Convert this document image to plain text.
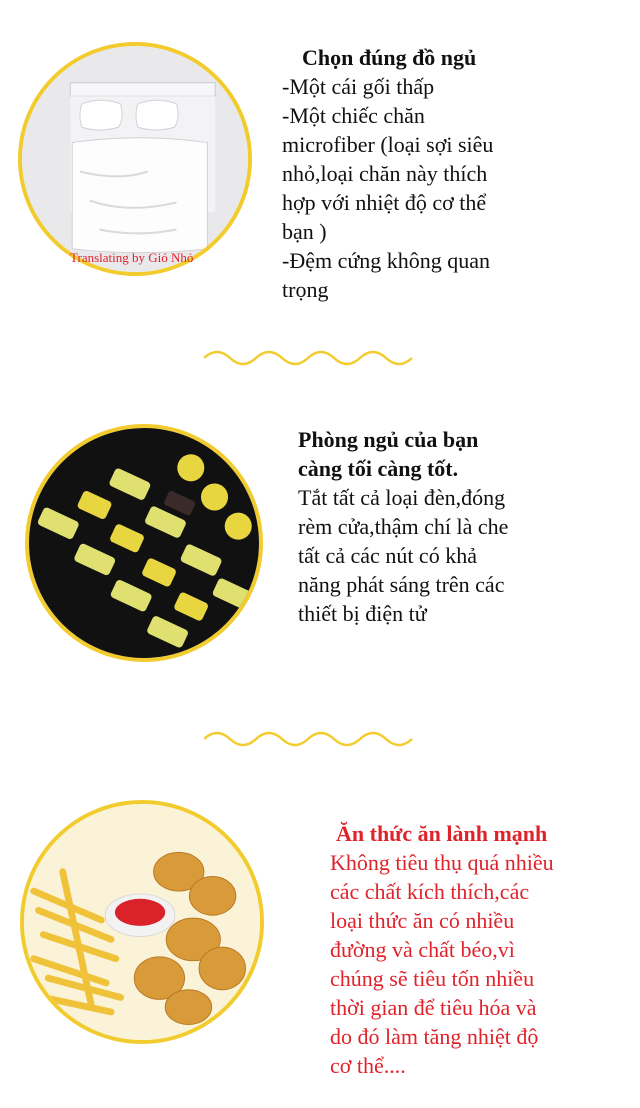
Translating by Gió Nhỏ
Chọn đúng đồ ngủ
-Một cái gối thấp
-Một chiếc chăn
microfiber (loại sợi siêu
nhỏ,loại chăn này thích
hợp với nhiệt độ cơ thể
bạn )
-Đệm cứng không quan
trọng
Phòng ngủ của bạn
càng tối càng tốt.
Tắt tất cả loại đèn,đóng
rèm cửa,thậm chí là che
tất cả các nút có khả
năng phát sáng trên các
thiết bị điện tử
Ăn thức ăn lành mạnh
Không tiêu thụ quá nhiều
các chất kích thích,các
loại thức ăn có nhiều
đường và chất béo,vì
chúng sẽ tiêu tốn nhiều
thời gian để tiêu hóa và
do đó làm tăng nhiệt độ
cơ thể....
